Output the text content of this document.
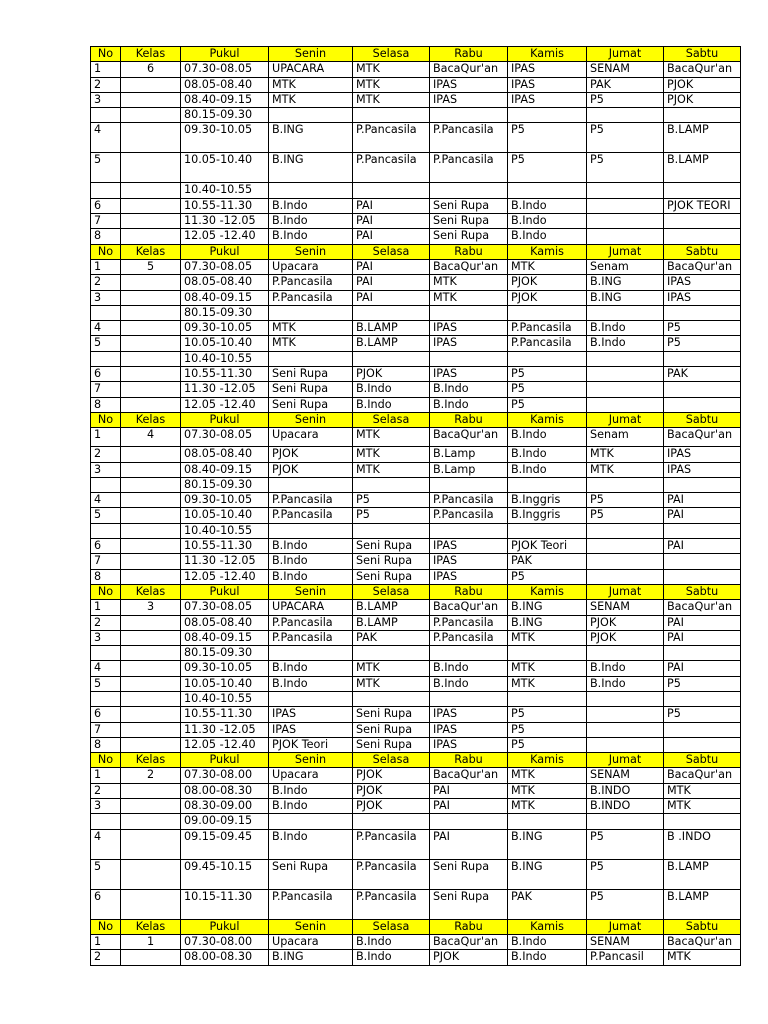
No	Kelas	Pukul	Senin	Selasa	Rabu	Kamis	Jumat	Sabtu
1	6	07.30-08.05	UPACARA	MTK	BacaQur'an	IPAS	SENAM	BacaQur'an
2		08.05-08.40	MTK	MTK	IPAS	IPAS	PAK	PJOK
3		08.40-09.15	MTK	MTK	IPAS	IPAS	P5	PJOK
		80.15-09.30						
4		09.30-10.05	B.ING	P.Pancasila	P.Pancasila	P5	P5	B.LAMP
5		10.05-10.40	B.ING	P.Pancasila	P.Pancasila	P5	P5	B.LAMP
		10.40-10.55						
6		10.55-11.30	B.Indo	PAI	Seni Rupa	B.Indo		PJOK TEORI
7		11.30 -12.05	B.Indo	PAI	Seni Rupa	B.Indo		
8		12.05 -12.40	B.Indo	PAI	Seni Rupa	B.Indo		
No	Kelas	Pukul	Senin	Selasa	Rabu	Kamis	Jumat	Sabtu
1	5	07.30-08.05	Upacara	PAI	BacaQur'an	MTK	Senam	BacaQur'an
2		08.05-08.40	P.Pancasila	PAI	MTK	PJOK	B.ING	IPAS
3		08.40-09.15	P.Pancasila	PAI	MTK	PJOK	B.ING	IPAS
		80.15-09.30						
4		09.30-10.05	MTK	B.LAMP	IPAS	P.Pancasila	B.Indo	P5
5		10.05-10.40	MTK	B.LAMP	IPAS	P.Pancasila	B.Indo	P5
		10.40-10.55						
6		10.55-11.30	Seni Rupa	PJOK	IPAS	P5		PAK
7		11.30 -12.05	Seni Rupa	B.Indo	B.Indo	P5		
8		12.05 -12.40	Seni Rupa	B.Indo	B.Indo	P5		
No	Kelas	Pukul	Senin	Selasa	Rabu	Kamis	Jumat	Sabtu
1	4	07.30-08.05	Upacara	MTK	BacaQur'an	B.Indo	Senam	BacaQur'an
2		08.05-08.40	PJOK	MTK	B.Lamp	B.Indo	MTK	IPAS
3		08.40-09.15	PJOK	MTK	B.Lamp	B.Indo	MTK	IPAS
		80.15-09.30						
4		09.30-10.05	P.Pancasila	P5	P.Pancasila	B.Inggris	P5	PAI
5		10.05-10.40	P.Pancasila	P5	P.Pancasila	B.Inggris	P5	PAI
		10.40-10.55						
6		10.55-11.30	B.Indo	Seni Rupa	IPAS	PJOK Teori		PAI
7		11.30 -12.05	B.Indo	Seni Rupa	IPAS	PAK		
8		12.05 -12.40	B.Indo	Seni Rupa	IPAS	P5		
No	Kelas	Pukul	Senin	Selasa	Rabu	Kamis	Jumat	Sabtu
1	3	07.30-08.05	UPACARA	B.LAMP	BacaQur'an	B.ING	SENAM	BacaQur'an
2		08.05-08.40	P.Pancasila	B.LAMP	P.Pancasila	B.ING	PJOK	PAI
3		08.40-09.15	P.Pancasila	PAK	P.Pancasila	MTK	PJOK	PAI
		80.15-09.30						
4		09.30-10.05	B.Indo	MTK	B.Indo	MTK	B.Indo	PAI
5		10.05-10.40	B.Indo	MTK	B.Indo	MTK	B.Indo	P5
		10.40-10.55						
6		10.55-11.30	IPAS	Seni Rupa	IPAS	P5		P5
7		11.30 -12.05	IPAS	Seni Rupa	IPAS	P5		
8		12.05 -12.40	PJOK Teori	Seni Rupa	IPAS	P5		
No	Kelas	Pukul	Senin	Selasa	Rabu	Kamis	Jumat	Sabtu
1	2	07.30-08.00	Upacara	PJOK	BacaQur'an	MTK	SENAM	BacaQur'an
2		08.00-08.30	B.Indo	PJOK	PAI	MTK	B.INDO	MTK
3		08.30-09.00	B.Indo	PJOK	PAI	MTK	B.INDO	MTK
		09.00-09.15						
4		09.15-09.45	B.Indo	P.Pancasila	PAI	B.ING	P5	B .INDO
5		09.45-10.15	Seni Rupa	P.Pancasila	Seni Rupa	B.ING	P5	B.LAMP
6		10.15-11.30	P.Pancasila	P.Pancasila	Seni Rupa	PAK	P5	B.LAMP
No	Kelas	Pukul	Senin	Selasa	Rabu	Kamis	Jumat	Sabtu
1	1	07.30-08.00	Upacara	B.Indo	BacaQur'an	B.Indo	SENAM	BacaQur'an
2		08.00-08.30	B.ING	B.Indo	PJOK	B.Indo	P.Pancasil	MTK
